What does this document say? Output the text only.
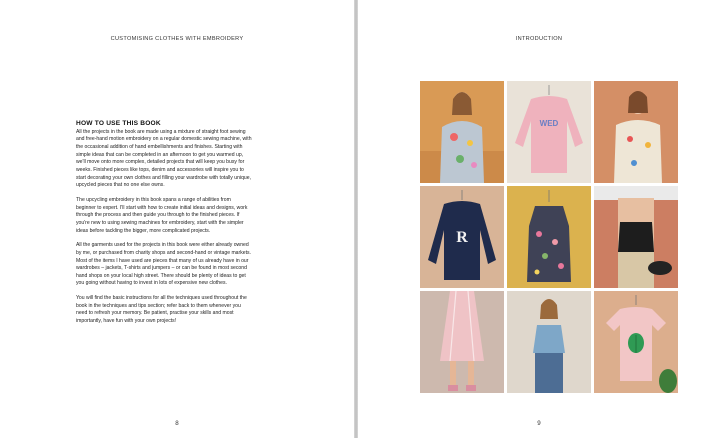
CUSTOMISING CLOTHES WITH EMBROIDERY
HOW TO USE THIS BOOK

All the projects in the book are made using a mixture of straight foot sewing and free-hand motion embroidery on a regular domestic sewing machine, with the occasional addition of hand embellishments and finishes. Starting with simple ideas that can be completed in an afternoon to get you warmed up, we'll move onto more complex, detailed projects that will keep you busy for weeks. Finished pieces like tops, denim and accessories will inspire you to start decorating your own clothes and filling your wardrobe with totally unique, upcycled pieces that no one else owns.

The upcycling embroidery in this book spans a range of abilities from beginner to expert. I'll start with how to create initial ideas and designs, work through the process and then guide you through to the finished pieces. If you're new to using sewing machines for embroidery, start with the simpler ideas before tackling the bigger, more complicated projects.

All the garments used for the projects in this book were either already owned by me, or purchased from charity shops and second-hand or vintage markets. Most of the items I have used are pieces that many of us already have in our wardrobes – jackets, T-shirts and jumpers – or can be found in most second hand shops on your local high street. There should be plenty of ideas to get you going without having to invest in lots of expensive new clothes.

You will find the basic instructions for all the techniques used throughout the book in the techniques and tips section; refer back to them whenever you need to refresh your memory. Be patient, practise your skills and most importantly, have fun with your own projects!

8
INTRODUCTION
WED
R
9
